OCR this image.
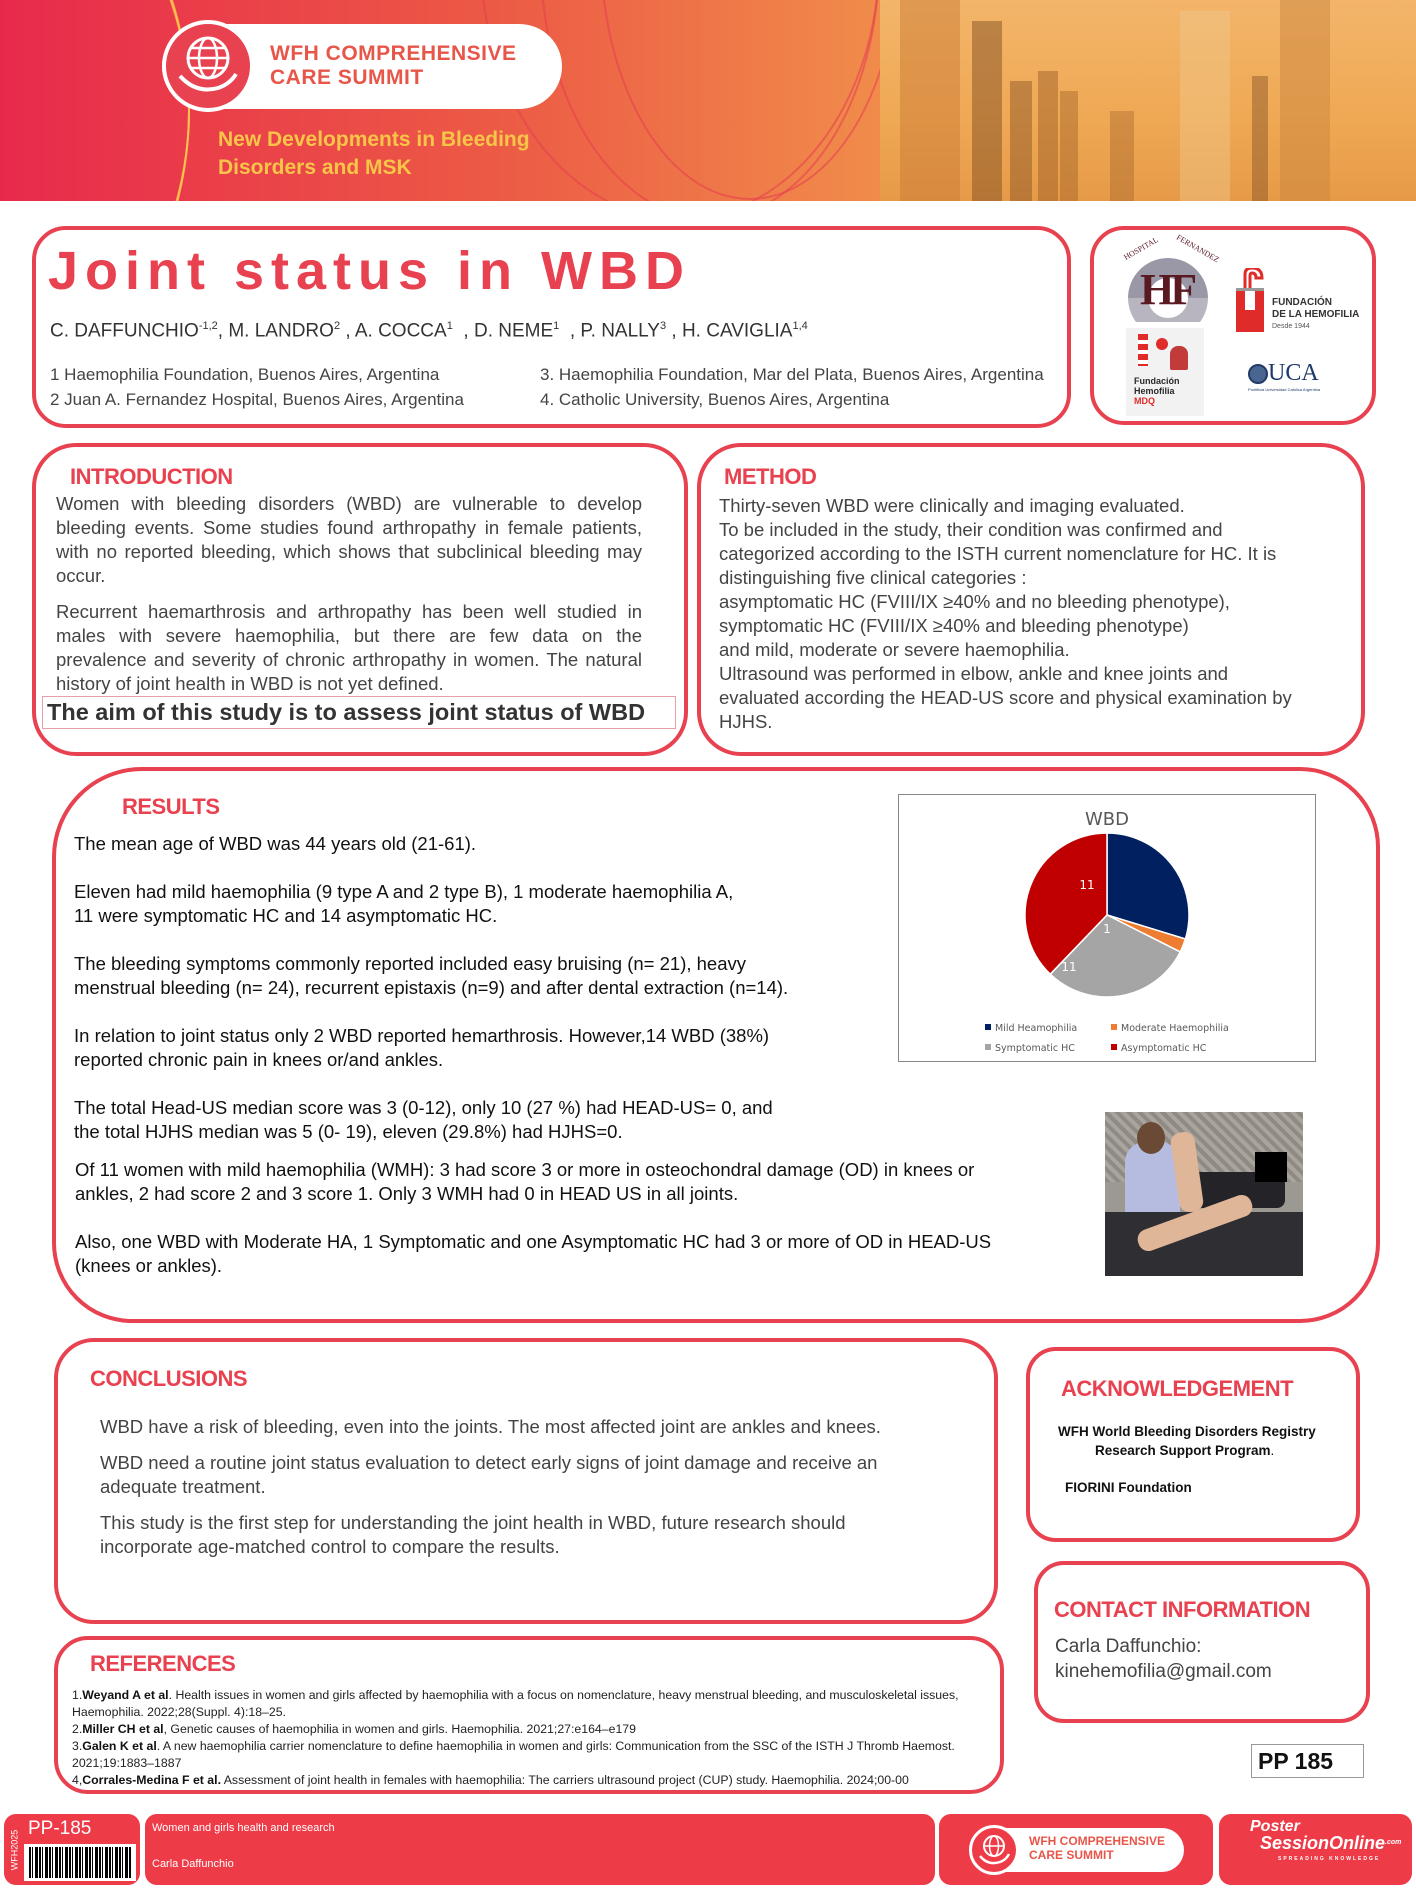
WFH COMPREHENSIVE
CARE SUMMIT
New Developments in Bleeding
Disorders and MSK
Joint status in WBD
C. $DAFFUNCHIO^{-1,2}$, M. LANDRO$^2$ , A. COCCA$^1$  , D. NEME$^1$  , P. NALLY$^3$ , H. CAVIGLIA$^{1,4}$
1 Haemophilia Foundation, Buenos Aires, Argentina
2 Juan A. Fernandez Hospital, Buenos Aires, Argentina
3. Haemophilia Foundation, Mar del Plata, Buenos Aires, Argentina
4. Catholic University, Buenos Aires, Argentina
HOSPITAL FERNANDEZ
HF	FUNDACIÓN
DE LA HEMOFILIA
Desde 1944
Fundación
Hemofilia
MDQ
UCA
Pontificia Universidad Católica Argentina
INTRODUCTION
Women with bleeding disorders (WBD) are vulnerable to develop bleeding events. Some studies found arthropathy in female patients, with no reported bleeding, which shows that subclinical bleeding may occur.
Recurrent haemarthrosis and arthropathy has been well studied in males with severe haemophilia, but there are few data on the prevalence and severity of chronic arthropathy in women. The natural history of joint health in WBD is not yet defined.
The aim of this study is to assess joint status of WBD
METHOD
Thirty-seven WBD were clinically and imaging evaluated.
To be included in the study, their condition was confirmed and
categorized according to the ISTH current nomenclature for HC. It is
distinguishing five clinical categories :
asymptomatic HC (FVIII/IX ≥40% and no bleeding phenotype),
symptomatic HC (FVIII/IX ≥40% and bleeding phenotype)
and mild, moderate or severe haemophilia.
Ultrasound was performed in elbow, ankle and knee joints and
evaluated according the HEAD-US score and physical examination by
HJHS.
RESULTS
The mean age of WBD was 44 years old (21-61).
Eleven had mild haemophilia (9 type A and 2 type B), 1 moderate haemophilia A,
11 were symptomatic HC and 14 asymptomatic HC.
The bleeding symptoms commonly reported included easy bruising (n= 21), heavy
menstrual bleeding (n= 24), recurrent epistaxis (n=9) and after dental extraction (n=14).
In relation to joint status only 2 WBD reported hemarthrosis. However,14 WBD (38%)
reported chronic pain in knees or/and ankles.
The total Head-US median score was 3 (0-12), only 10 (27 %) had HEAD-US= 0, and
the total HJHS median was 5 (0- 19), eleven (29.8%) had HJHS=0.
Of 11 women with mild haemophilia (WMH): 3 had score 3 or more in osteochondral damage (OD) in knees or
ankles, 2 had score 2 and 3 score 1. Only 3 WMH had 0 in HEAD US in all joints.
Also, one WBD with Moderate HA, 1 Symptomatic and one Asymptomatic HC had 3 or more of OD in HEAD-US
(knees or ankles).
WBD
11
1
11
Mild Heamophilia	Moderate Haemophilia
Symptomatic HC	Asymptomatic HC
CONCLUSIONS
WBD have a risk of bleeding, even into the joints. The most affected joint are ankles and knees.
WBD need a routine joint status evaluation to detect early signs of joint damage and receive an
adequate treatment.
This study is the first step for understanding the joint health in WBD, future research should
incorporate age-matched control to compare the results.
ACKNOWLEDGEMENT
WFH World Bleeding Disorders Registry
Research Support Program.
FIORINI Foundation
CONTACT INFORMATION
Carla Daffunchio:
kinehemofilia@gmail.com
PP 185
REFERENCES
1.Weyand A et al. Health issues in women and girls affected by haemophilia with a focus on nomenclature, heavy menstrual bleeding, and musculoskeletal issues, Haemophilia. 2022;28(Suppl. 4):18–25.
2.Miller CH et al, Genetic causes of haemophilia in women and girls. Haemophilia. 2021;27:e164–e179
3.Galen K et al. A new haemophilia carrier nomenclature to define haemophilia in women and girls: Communication from the SSC of the ISTH J Thromb Haemost. 2021;19:1883–1887
4,Corrales-Medina F et al. Assessment of joint health in females with haemophilia: The carriers ultrasound project (CUP) study. Haemophilia. 2024;00-00
WFH2025
PP-185	Women and girls health and research
Carla Daffunchio
WFH COMPREHENSIVE
CARE SUMMIT
Poster
SessionOnline$^{.com}$
SPREADING KNOWLEDGE
